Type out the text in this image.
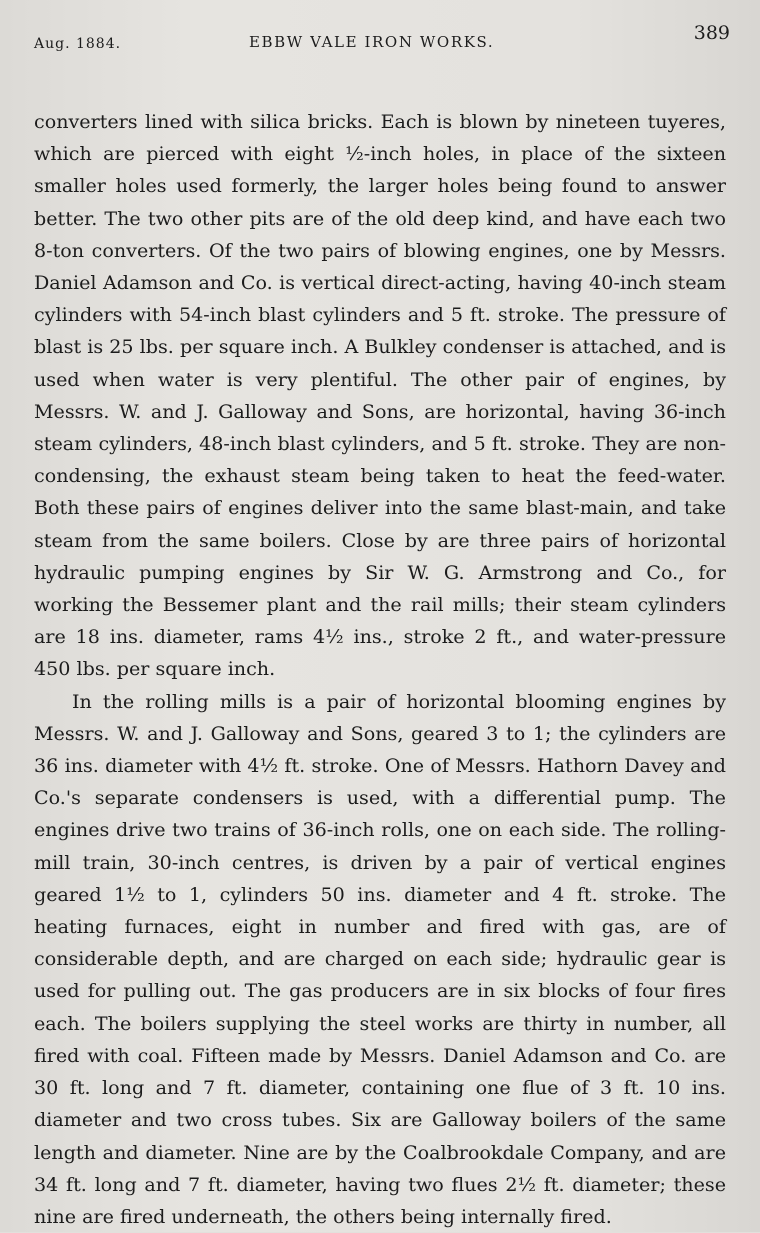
Aug. 1884.	EBBW VALE IRON WORKS.	389

converters lined with silica bricks. Each is blown by nineteen tuyeres, which are pierced with eight ½-inch holes, in place of the sixteen smaller holes used formerly, the larger holes being found to answer better. The two other pits are of the old deep kind, and have each two 8-ton converters. Of the two pairs of blowing engines, one by Messrs. Daniel Adamson and Co. is vertical direct-acting, having 40-inch steam cylinders with 54-inch blast cylinders and 5 ft. stroke. The pressure of blast is 25 lbs. per square inch. A Bulkley condenser is attached, and is used when water is very plentiful. The other pair of engines, by Messrs. W. and J. Galloway and Sons, are horizontal, having 36-inch steam cylinders, 48-inch blast cylinders, and 5 ft. stroke. They are non-condensing, the exhaust steam being taken to heat the feed-water. Both these pairs of engines deliver into the same blast-main, and take steam from the same boilers. Close by are three pairs of horizontal hydraulic pumping engines by Sir W. G. Armstrong and Co., for working the Bessemer plant and the rail mills; their steam cylinders are 18 ins. diameter, rams 4½ ins., stroke 2 ft., and water-pressure 450 lbs. per square inch.

In the rolling mills is a pair of horizontal blooming engines by Messrs. W. and J. Galloway and Sons, geared 3 to 1; the cylinders are 36 ins. diameter with 4½ ft. stroke. One of Messrs. Hathorn Davey and Co.'s separate condensers is used, with a differential pump. The engines drive two trains of 36-inch rolls, one on each side. The rolling-mill train, 30-inch centres, is driven by a pair of vertical engines geared 1½ to 1, cylinders 50 ins. diameter and 4 ft. stroke. The heating furnaces, eight in number and fired with gas, are of considerable depth, and are charged on each side; hydraulic gear is used for pulling out. The gas producers are in six blocks of four fires each. The boilers supplying the steel works are thirty in number, all fired with coal. Fifteen made by Messrs. Daniel Adamson and Co. are 30 ft. long and 7 ft. diameter, containing one flue of 3 ft. 10 ins. diameter and two cross tubes. Six are Galloway boilers of the same length and diameter. Nine are by the Coalbrookdale Company, and are 34 ft. long and 7 ft. diameter, having two flues 2½ ft. diameter; these nine are fired underneath, the others being internally fired.
